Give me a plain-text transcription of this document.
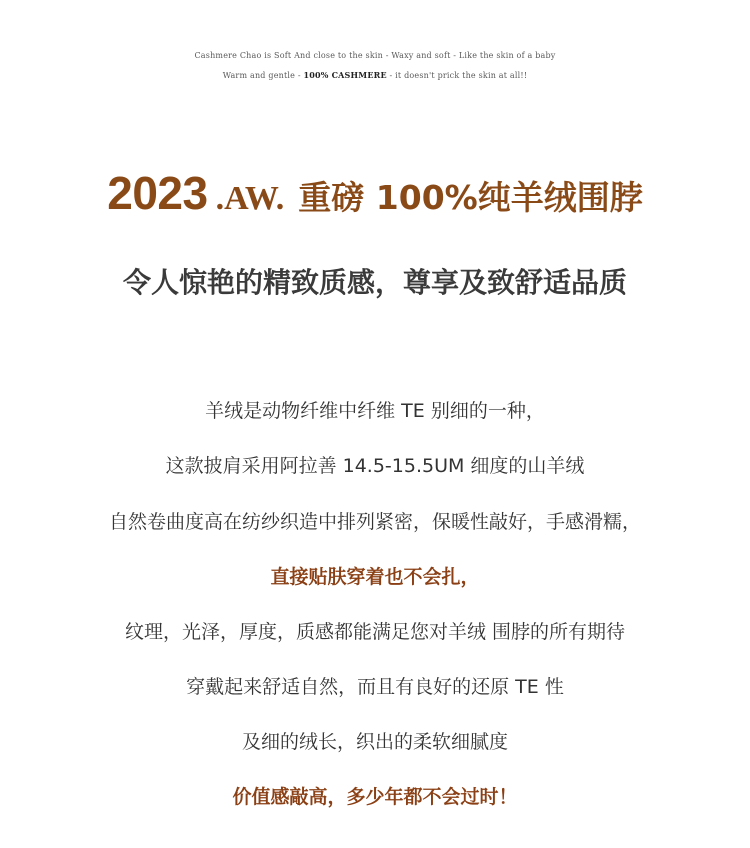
Cashmere Chao is Soft And close to the skin - Waxy and soft - Like the skin of a baby
Warm and gentle - 100% CASHMERE - it doesn't prick the skin at all!!
2023 .AW. 重磅 100%纯羊绒围脖
令人惊艳的精致质感，尊享及致舒适品质
羊绒是动物纤维中纤维 TE 别细的一种，
这款披肩采用阿拉善 14.5-15.5UM 细度的山羊绒
自然卷曲度高在纺纱织造中排列紧密，保暖性敲好，手感滑糯，
直接贴肤穿着也不会扎，
纹理，光泽，厚度，质感都能满足您对羊绒 围脖的所有期待
穿戴起来舒适自然，而且有良好的还原 TE 性
及细的绒长，织出的柔软细腻度
价值感敲高，多少年都不会过时！
